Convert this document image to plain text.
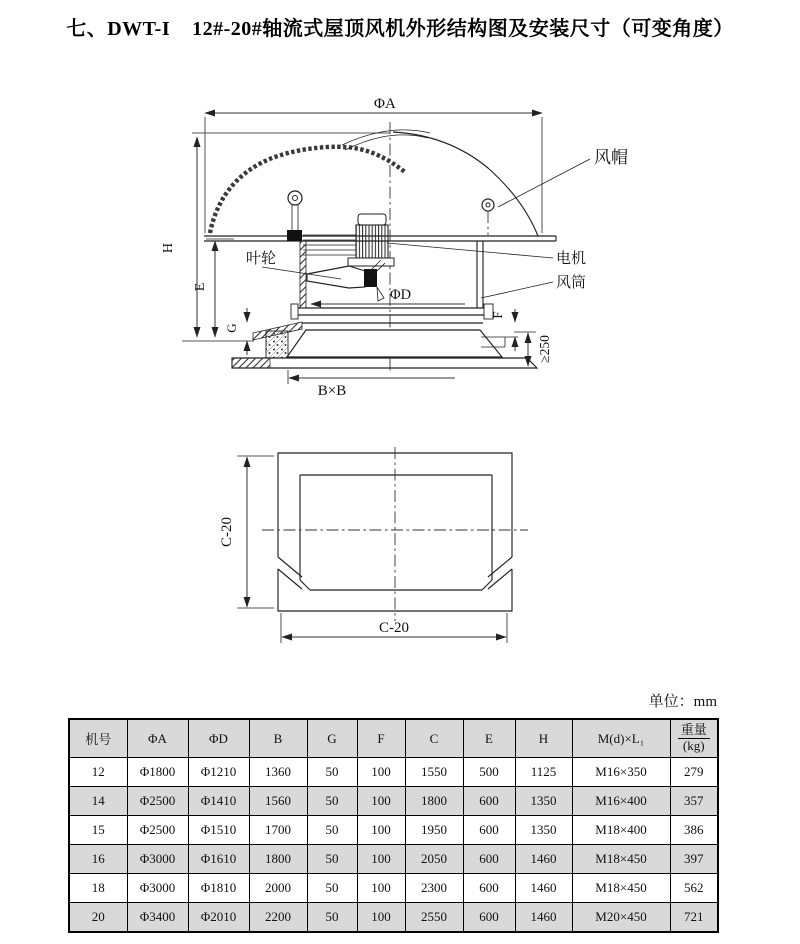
七、DWT-I    12#-20#轴流式屋顶风机外形结构图及安装尺寸（可变角度）
ΦA
H
E
G
F
≥250
ΦD
B×B
风帽
电机
风筒
叶轮
C-20
C-20
单位：mm
机号	ΦA	ΦD	B	G	F	C	E	H	M(d)×L₁	重量
(kg)

12	Φ1800	Φ1210	1360	50	100	1550	500	1125	M16×350	279
14	Φ2500	Φ1410	1560	50	100	1800	600	1350	M16×400	357
15	Φ2500	Φ1510	1700	50	100	1950	600	1350	M18×400	386
16	Φ3000	Φ1610	1800	50	100	2050	600	1460	M18×450	397
18	Φ3000	Φ1810	2000	50	100	2300	600	1460	M18×450	562
20	Φ3400	Φ2010	2200	50	100	2550	600	1460	M20×450	721
